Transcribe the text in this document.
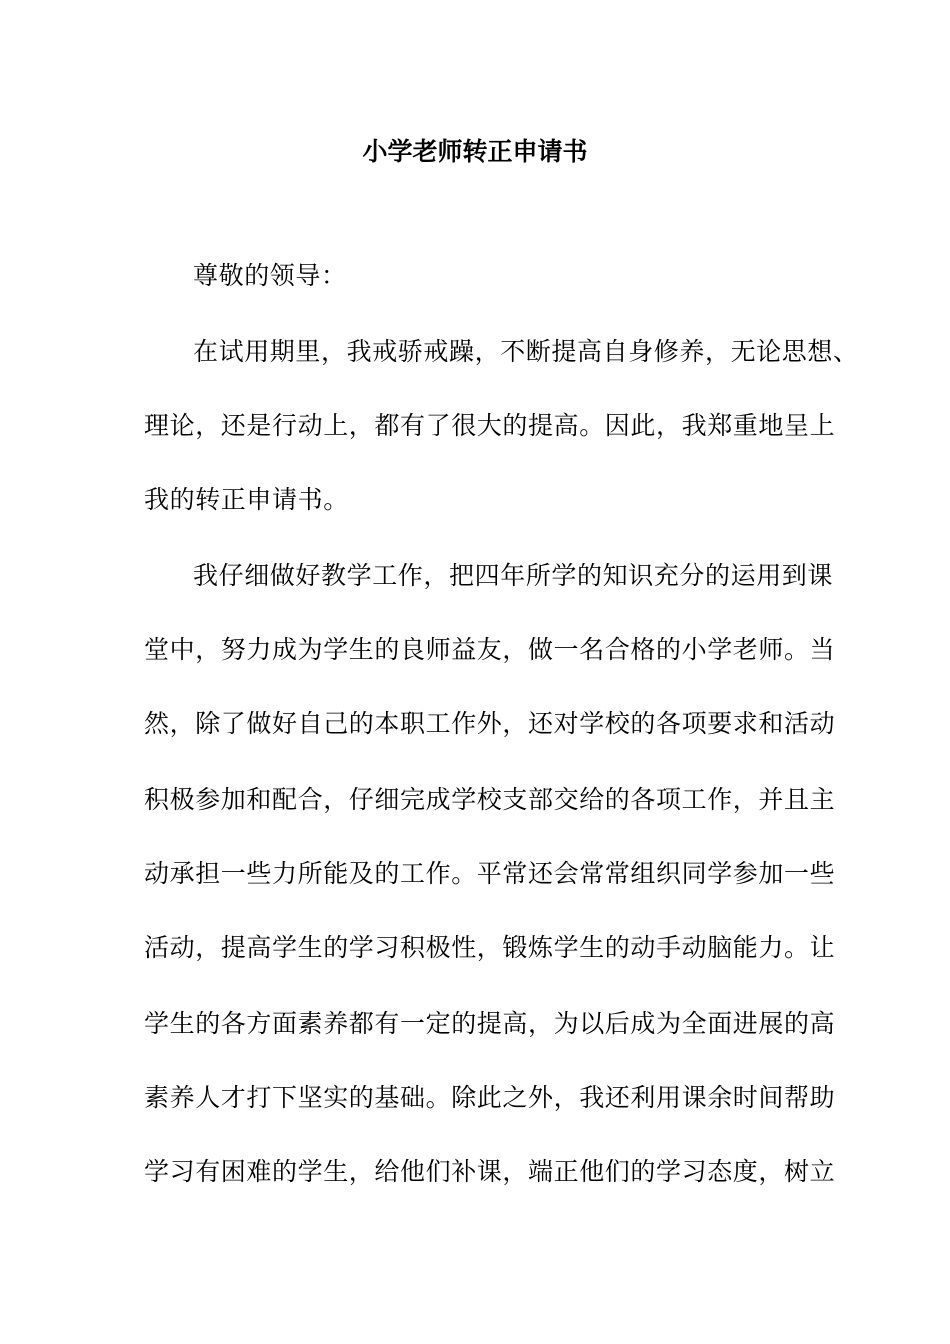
小学老师转正申请书
尊敬的领导：
在试用期里，我戒骄戒躁，不断提高自身修养，无论思想、
理论，还是行动上，都有了很大的提高。因此，我郑重地呈上
我的转正申请书。
我仔细做好教学工作，把四年所学的知识充分的运用到课
堂中，努力成为学生的良师益友，做一名合格的小学老师。当
然，除了做好自己的本职工作外，还对学校的各项要求和活动
积极参加和配合，仔细完成学校支部交给的各项工作，并且主
动承担一些力所能及的工作。平常还会常常组织同学参加一些
活动，提高学生的学习积极性，锻炼学生的动手动脑能力。让
学生的各方面素养都有一定的提高，为以后成为全面进展的高
素养人才打下坚实的基础。除此之外，我还利用课余时间帮助
学习有困难的学生，给他们补课，端正他们的学习态度，树立
